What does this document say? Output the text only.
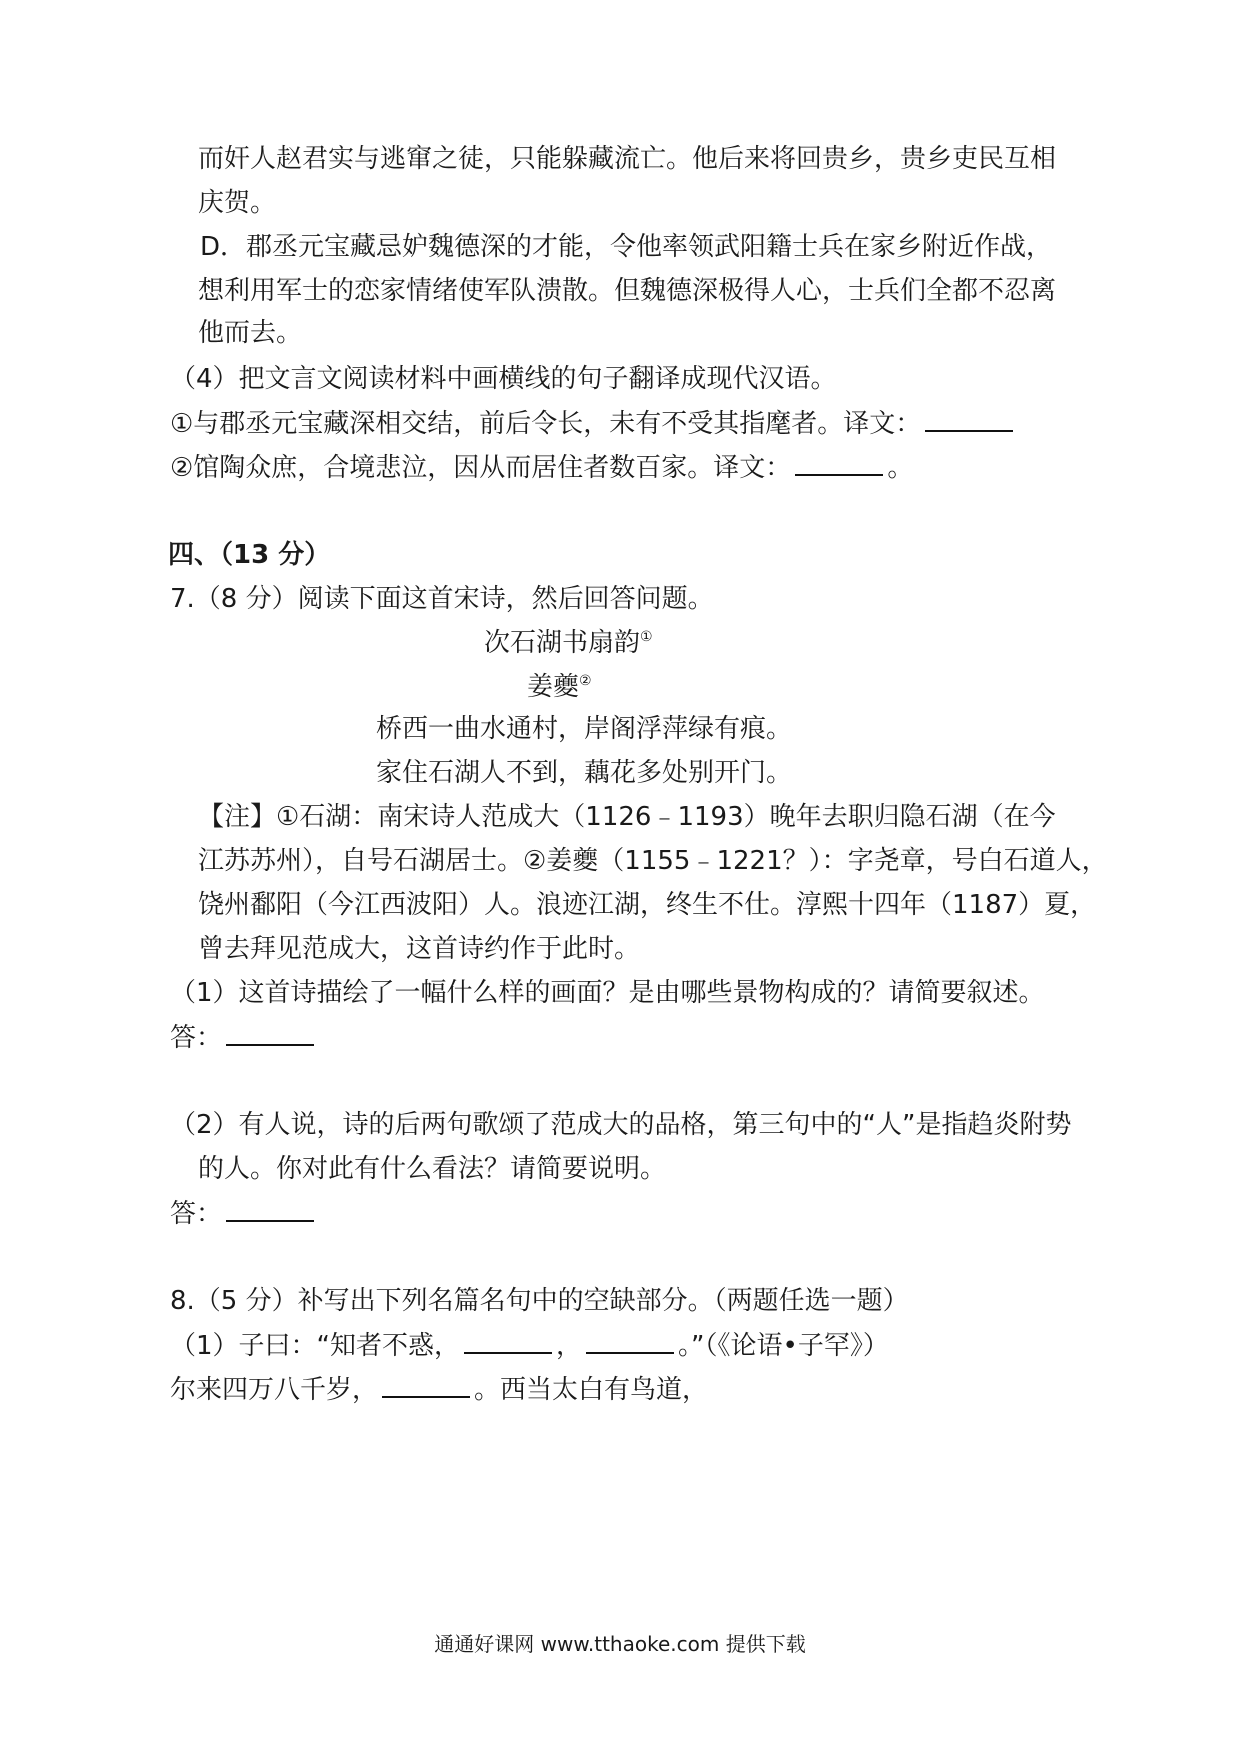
而奸人赵君实与逃窜之徒，只能躲藏流亡。他后来将回贵乡，贵乡吏民互相
庆贺。
D．郡丞元宝藏忌妒魏德深的才能，令他率领武阳籍士兵在家乡附近作战，
想利用军士的恋家情绪使军队溃散。但魏德深极得人心，士兵们全都不忍离
他而去。
（4）把文言文阅读材料中画横线的句子翻译成现代汉语。
①与郡丞元宝藏深相交结，前后令长，未有不受其指麾者。译文：
②馆陶众庶，合境悲泣，因从而居住者数百家。译文：	。
四、（13 分）
7.（8 分）阅读下面这首宋诗，然后回答问题。
次石湖书扇韵①
姜夔②
桥西一曲水通村，岸阁浮萍绿有痕。
家住石湖人不到，藕花多处别开门。
【注】①石湖：南宋诗人范成大（1126﹣1193）晚年去职归隐石湖（在今
江苏苏州），自号石湖居士。②姜夔（1155﹣1221？）：字尧章，号白石道人，
饶州鄱阳（今江西波阳）人。浪迹江湖，终生不仕。淳熙十四年（1187）夏，
曾去拜见范成大，这首诗约作于此时。
（1）这首诗描绘了一幅什么样的画面？是由哪些景物构成的？请简要叙述。
答：
（2）有人说，诗的后两句歌颂了范成大的品格，第三句中的“人”是指趋炎附势
的人。你对此有什么看法？请简要说明。
答：
8.（5 分）补写出下列名篇名句中的空缺部分。（两题任选一题）
（1）子曰：“知者不惑，	，	。”（《论语•子罕》）
尔来四万八千岁，	。西当太白有鸟道，
通通好课网 www.tthaoke.com 提供下载
